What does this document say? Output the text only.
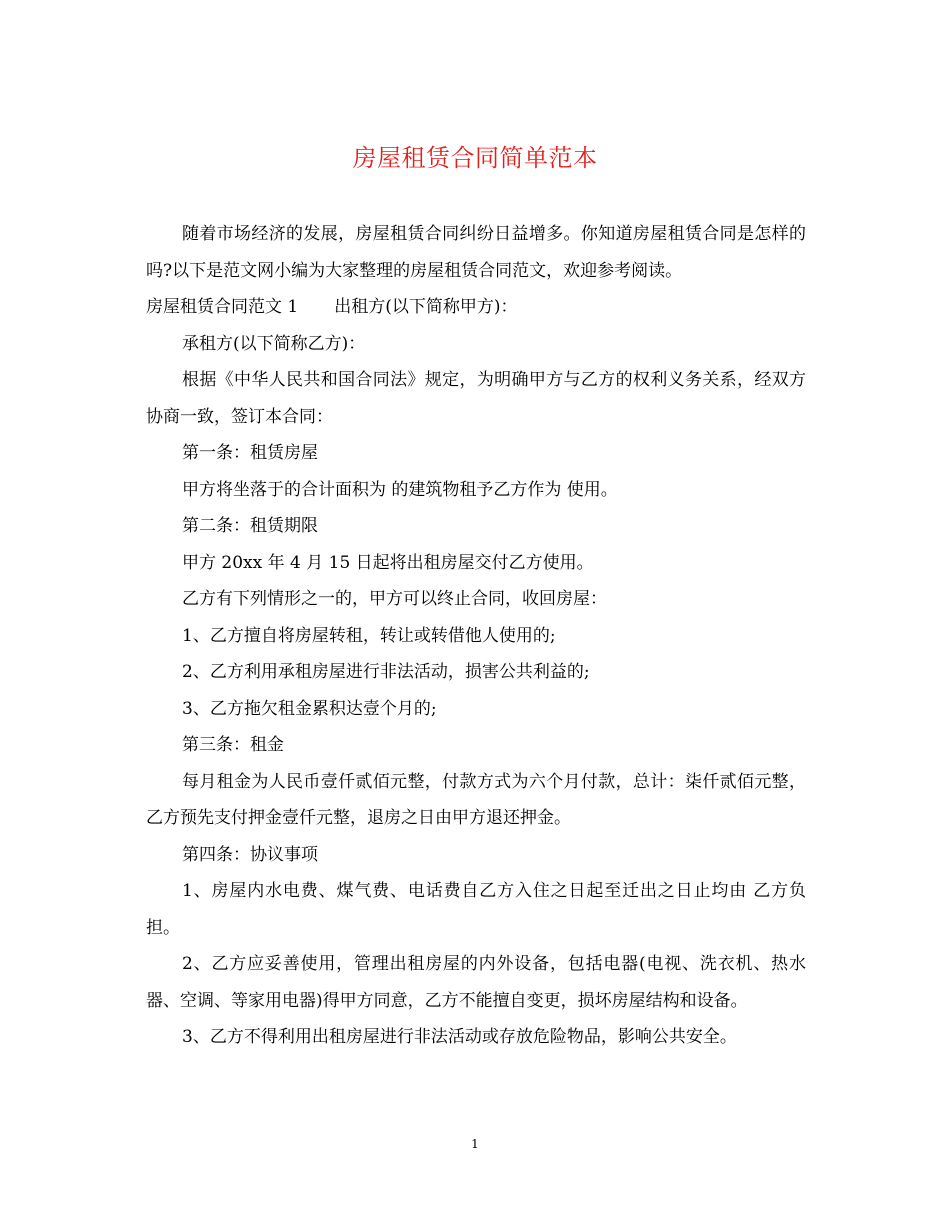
房屋租赁合同简单范本

随着市场经济的发展，房屋租赁合同纠纷日益增多。你知道房屋租赁合同是怎样的吗?以下是范文网小编为大家整理的房屋租赁合同范文，欢迎参考阅读。

房屋租赁合同范文 1 出租方(以下简称甲方)：

承租方(以下简称乙方)：

根据《中华人民共和国合同法》规定，为明确甲方与乙方的权利义务关系，经双方协商一致，签订本合同：

第一条：租赁房屋

甲方将坐落于的合计面积为 的建筑物租予乙方作为 使用。

第二条：租赁期限

甲方 20xx 年 4 月 15 日起将出租房屋交付乙方使用。

乙方有下列情形之一的，甲方可以终止合同，收回房屋：

1、乙方擅自将房屋转租，转让或转借他人使用的;

2、乙方利用承租房屋进行非法活动，损害公共利益的;

3、乙方拖欠租金累积达壹个月的;

第三条：租金

每月租金为人民币壹仟贰佰元整，付款方式为六个月付款，总计：柒仟贰佰元整，乙方预先支付押金壹仟元整，退房之日由甲方退还押金。

第四条：协议事项

1、房屋内水电费、煤气费、电话费自乙方入住之日起至迁出之日止均由 乙方负担。

2、乙方应妥善使用，管理出租房屋的内外设备，包括电器(电视、洗衣机、热水器、空调、等家用电器)得甲方同意，乙方不能擅自变更，损坏房屋结构和设备。

3、乙方不得利用出租房屋进行非法活动或存放危险物品，影响公共安全。

1
